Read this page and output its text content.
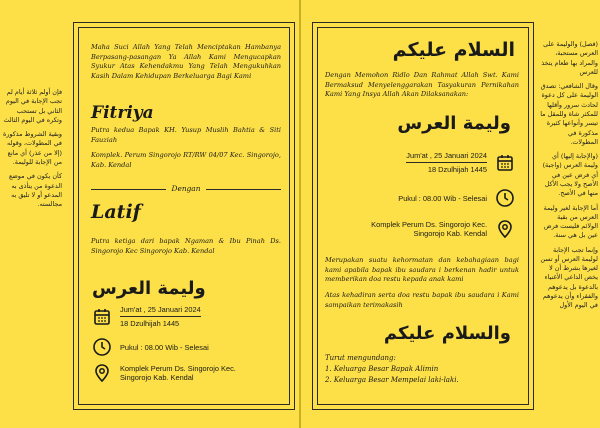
فإن أولم ثلاثة أيام لم تجب الإجابة في اليوم الثاني بل تستحب وتكره في اليوم الثالث

وبقية الشروط مذكورة في المطولات، وقوله (إلا من عذر) أي مانع من الإجابة للوليمة.

كأن يكون في موضع الدعوة من يتأذى به المدعو أو لا تليق به مجالسته.

(فصل) والوليمة على العرس مستحبة، والمراد بها طعام يتخذ للعرس

وقال الشافعي: تصدق الوليمة على كل دعوة لحادث سرور وأقلها للمكثر شاة وللمقل ما تيسر وأنواعها كثيرة مذكورة في المطولات.

(والإجابة إليها) أي وليمة العرس (واجبة) أي فرض عين في الأصح ولا يجب الأكل منها في الأصح.

أما الإجابة لغير وليمة العرس من بقية الولائم فليست فرض عين بل هي سنة.

وإنما تجب الإجابة لوليمة العرس أو تسن لغيرها بشرط أن لا يخص الداعي الأغنياء بالدعوة بل يدعوهم والفقراء وأن يدعوهم في اليوم الأول

Maha Suci Allah Yang Telah Menciptakan Hambanya Berpasang-pasangan Ya Allah Kami Mengucapkan Syukur Atas Kehendakmu Yang Telah Mengukuhkan Kasih Dalam Kehidupan Berkeluarga Bagi Kami

Fitriya

Putra kedua Bapak KH. Yusup Muslih Bahtia & Siti Fauziah

Komplek. Perum Singorojo RT/RW 04/07 Kec. Singorojo, Kab. Kendal

Dengan
Latif

Putra ketiga dari bapak Ngaman & Ibu Pinah Ds. Singorojo Kec Singorojo Kab. Kendal

وليمة العرس
Jum'at , 25 Januari 2024
18 Dzulhijah 1445
Pukul : 08.00 Wib - Selesai
Komplek Perum Ds. Singorojo Kec.
Singorojo Kab. Kendal
السلام عليكم

Dengan Memohon Ridlo Dan Rahmat Allah Swt. Kami Bermaksud Menyelenggarakan Tasyakuran Pernikahan Kami Yang Insya Allah Akan Dilaksanakan:

وليمة العرس
Jum'at , 25 Januari 2024
18 Dzulhijah 1445
Pukul : 08.00 Wib - Selesai
Komplek Perum Ds. Singorojo Kec.
Singorojo Kab. Kendal

Merupakan suatu kehormatan dan kebahagiaan bagi kami apabila bapak ibu saudara i berkenan hadir untuk memberikan doa restu kepada anak kami

Atas kehadiran serta doa restu bapak ibu saudara i Kami sampaikan terimakasih

والسلام عليكم
Turut mengundang:
1. Keluarga Besar Bapak Alimin
2. Keluarga Besar Mempelai laki-laki.
